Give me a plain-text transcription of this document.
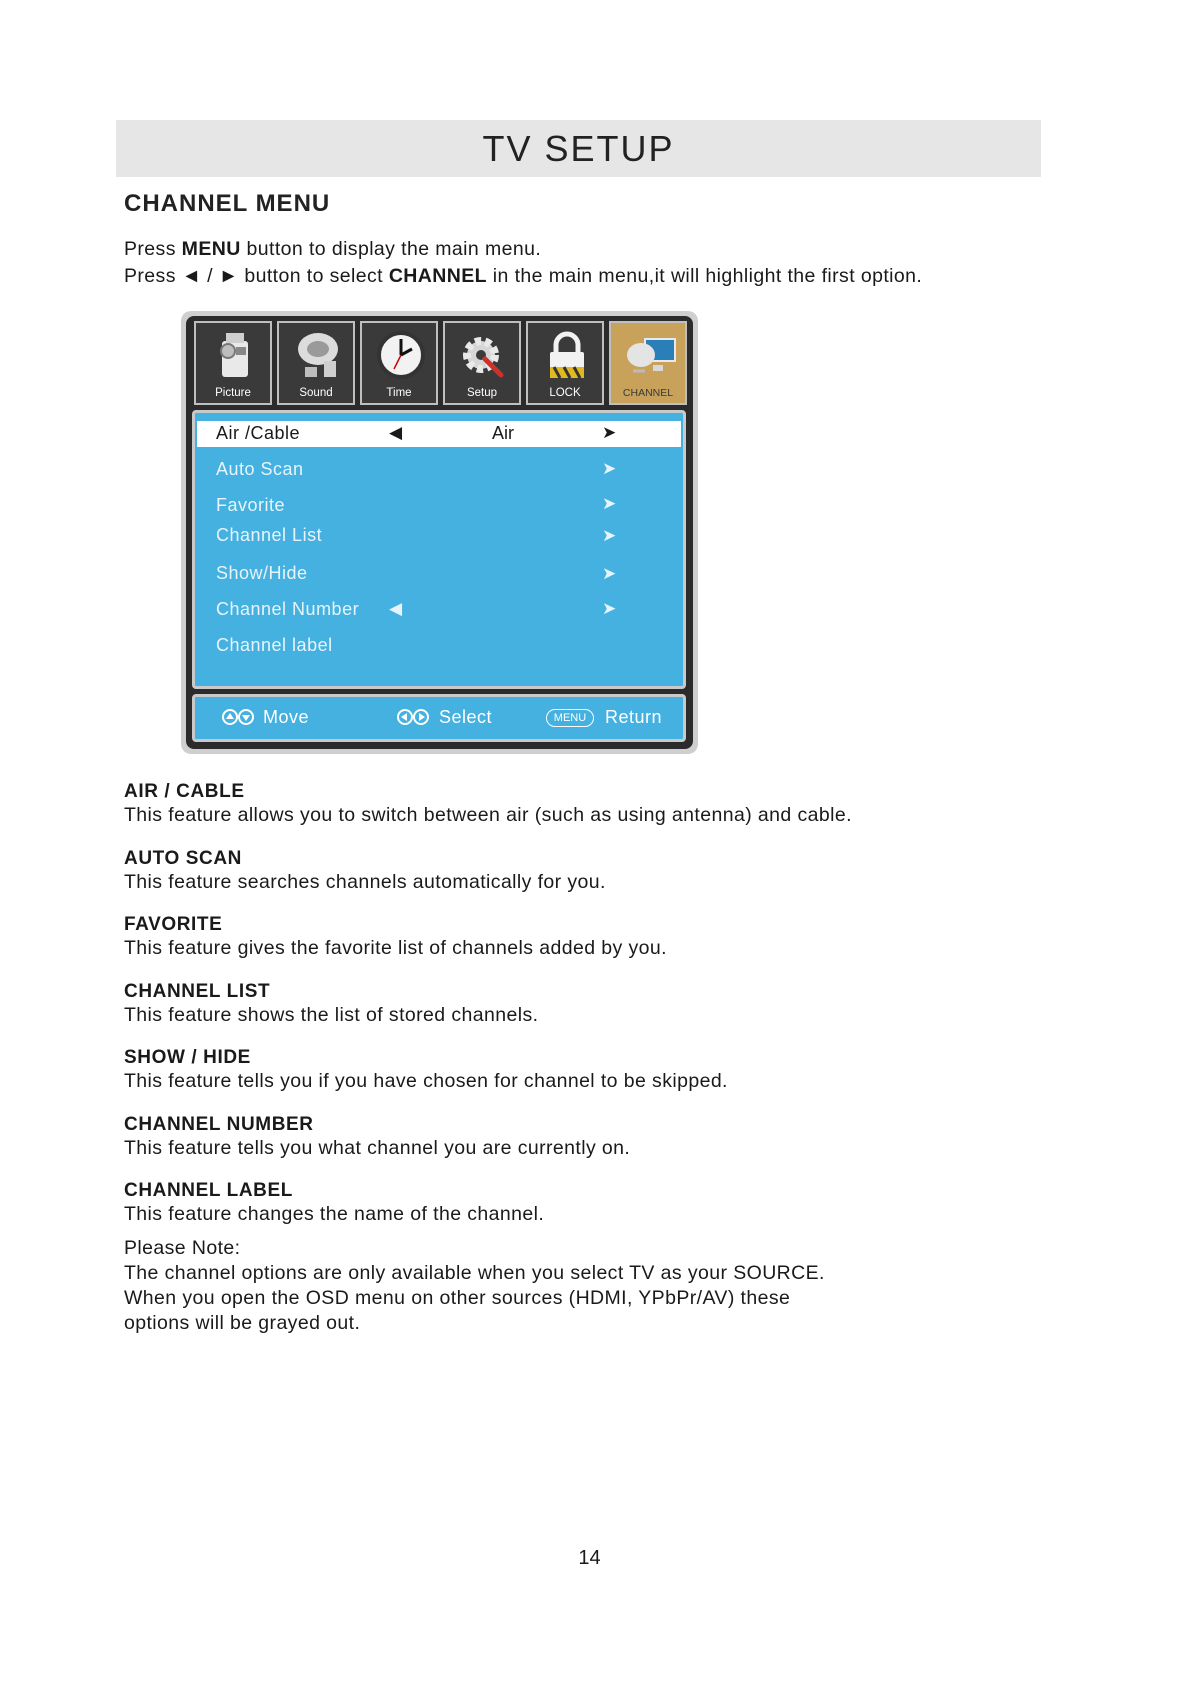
TV SETUP
CHANNEL MENU
Press MENU button to display the main menu.
Press ◄ / ► button to select CHANNEL in the main menu,it will highlight the first option.
Picture	Sound	Time	Setup	LOCK	CHANNEL
Air /Cable	◀	Air	➤
Auto Scan	➤
Favorite	➤
Channel List	➤
Show/Hide	➤
Channel Number ◀	➤
Channel label
Move	Select	MENU	Return
AIR / CABLE
This feature allows you to switch between air (such as using antenna) and cable.
AUTO SCAN
This feature searches channels automatically for you.
FAVORITE
This feature gives the favorite list of channels added by you.
CHANNEL LIST
This feature shows the list of stored channels.
SHOW / HIDE
This feature tells you if you have chosen for channel to be skipped.
CHANNEL NUMBER
This feature tells you what channel you are currently on.
CHANNEL LABEL
This feature changes the name of the channel.
Please Note:
The channel options are only available when you select TV as your SOURCE.
When you open the OSD menu on other sources (HDMI, YPbPr/AV) these
options will be grayed out.
14
